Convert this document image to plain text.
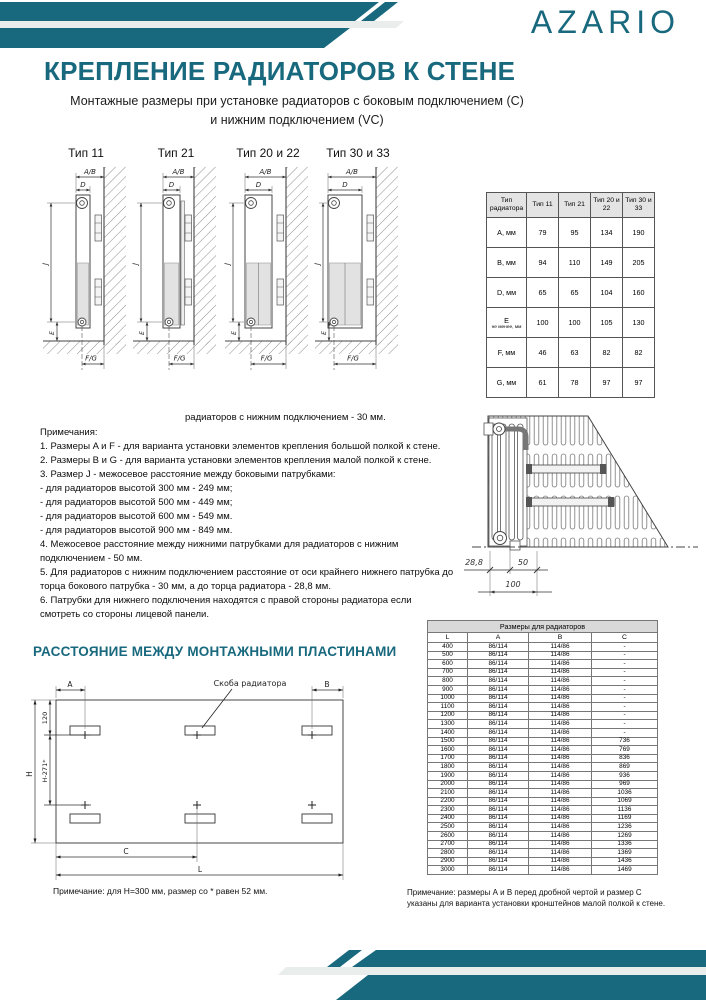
AZARIO
КРЕПЛЕНИЕ РАДИАТОРОВ К СТЕНЕ
Монтажные размеры при установке радиаторов с боковым подключением (С)
и нижним подключением (VC)
Тип 11
A/B
D
J
E
F/G
Тип 21
A/B
D
J
E
F/G
Тип 20 и 22
A/B
D
J
E
F/G
Тип 30 и 33
A/B
D
J
E
F/G
Тип радиатора	Тип 11	Тип 21	Тип 20 и 22	Тип 30 и 33
A, мм	79	95	134	190
B, мм	94	110	149	205
D, мм	65	65	104	160
E
не менее, мм	100	100	105	130
F, мм	46	63	82	82
G, мм	61	78	97	97
радиаторов с нижним подключением - 30 мм.
Примечания:
1. Размеры A и F - для варианта установки элементов крепления большой полкой к стене.
2. Размеры B и G - для варианта установки элементов крепления малой полкой к стене.
3. Размер J - межосевое расстояние между боковыми патрубками:
- для радиаторов высотой 300 мм - 249 мм;
- для радиаторов высотой 500 мм - 449 мм;
- для радиаторов высотой 600 мм - 549 мм.
- для радиаторов высотой 900 мм - 849 мм.
4. Межосевое расстояние между нижними патрубками для радиаторов с нижним подключением - 50 мм.
5. Для радиаторов с нижним подключением расстояние от оси крайнего нижнего патрубка до торца бокового патрубка - 30 мм, а до торца радиатора - 28,8 мм.
6. Патрубки для нижнего подключения находятся с правой стороны радиатора если смотреть со стороны лицевой панели.
28,8	50
100
РАССТОЯНИЕ МЕЖДУ МОНТАЖНЫМИ ПЛАСТИНАМИ
H
120
H-271*
A	B
Скоба радиатора
C
L
Примечание: для H=300 мм, размер со * равен 52 мм.
Размеры для радиаторов			
L	A	B	C
400	86/114	114/86	-
500	86/114	114/86	-
600	86/114	114/86	-
700	86/114	114/86	-
800	86/114	114/86	-
900	86/114	114/86	-
1000	86/114	114/86	-
1100	86/114	114/86	-
1200	86/114	114/86	-
1300	86/114	114/86	-
1400	86/114	114/86	-
1500	86/114	114/86	736
1600	86/114	114/86	769
1700	86/114	114/86	836
1800	86/114	114/86	869
1900	86/114	114/86	936
2000	86/114	114/86	969
2100	86/114	114/86	1036
2200	86/114	114/86	1069
2300	86/114	114/86	1136
2400	86/114	114/86	1169
2500	86/114	114/86	1236
2600	86/114	114/86	1269
2700	86/114	114/86	1336
2800	86/114	114/86	1369
2900	86/114	114/86	1436
3000	86/114	114/86	1469
Примечание: размеры А и В перед дробной чертой и размер С указаны для варианта установки кронштейнов малой полкой к стене.
